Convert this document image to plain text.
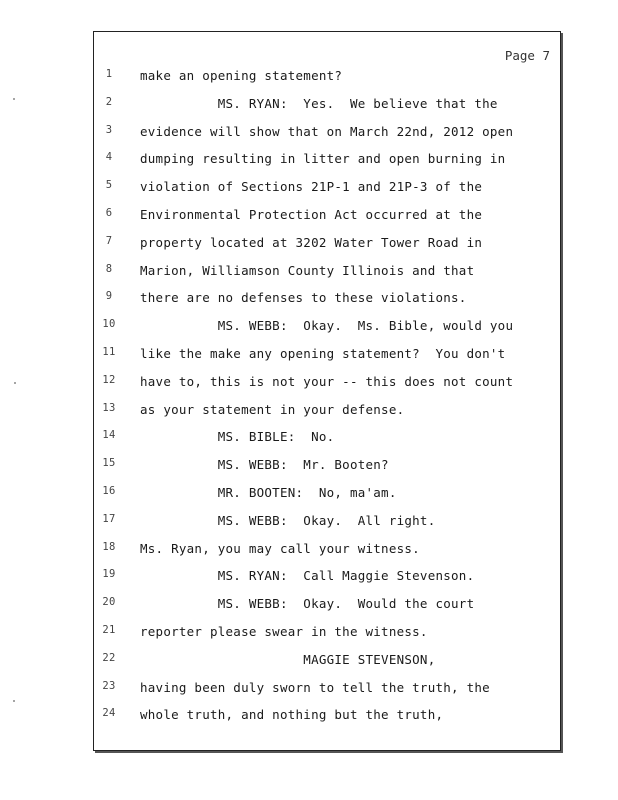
Page 7
1	make an opening statement?
2	MS. RYAN:  Yes.  We believe that the
3	evidence will show that on March 22nd, 2012 open
4	dumping resulting in litter and open burning in
5	violation of Sections 21P-1 and 21P-3 of the
6	Environmental Protection Act occurred at the
7	property located at 3202 Water Tower Road in
8	Marion, Williamson County Illinois and that
9	there are no defenses to these violations.
10 MS. WEBB:  Okay.  Ms. Bible, would you
11 like the make any opening statement?  You don't
12 have to, this is not your -- this does not count
13 as your statement in your defense.
14 MS. BIBLE:  No.
15 MS. WEBB:  Mr. Booten?
16 MR. BOOTEN:  No, ma'am.
17 MS. WEBB:  Okay.  All right.
18 Ms. Ryan, you may call your witness.
19 MS. RYAN:  Call Maggie Stevenson.
20 MS. WEBB:  Okay.  Would the court
21 reporter please swear in the witness.
22 MAGGIE STEVENSON,
23 having been duly sworn to tell the truth, the
24 whole truth, and nothing but the truth,
